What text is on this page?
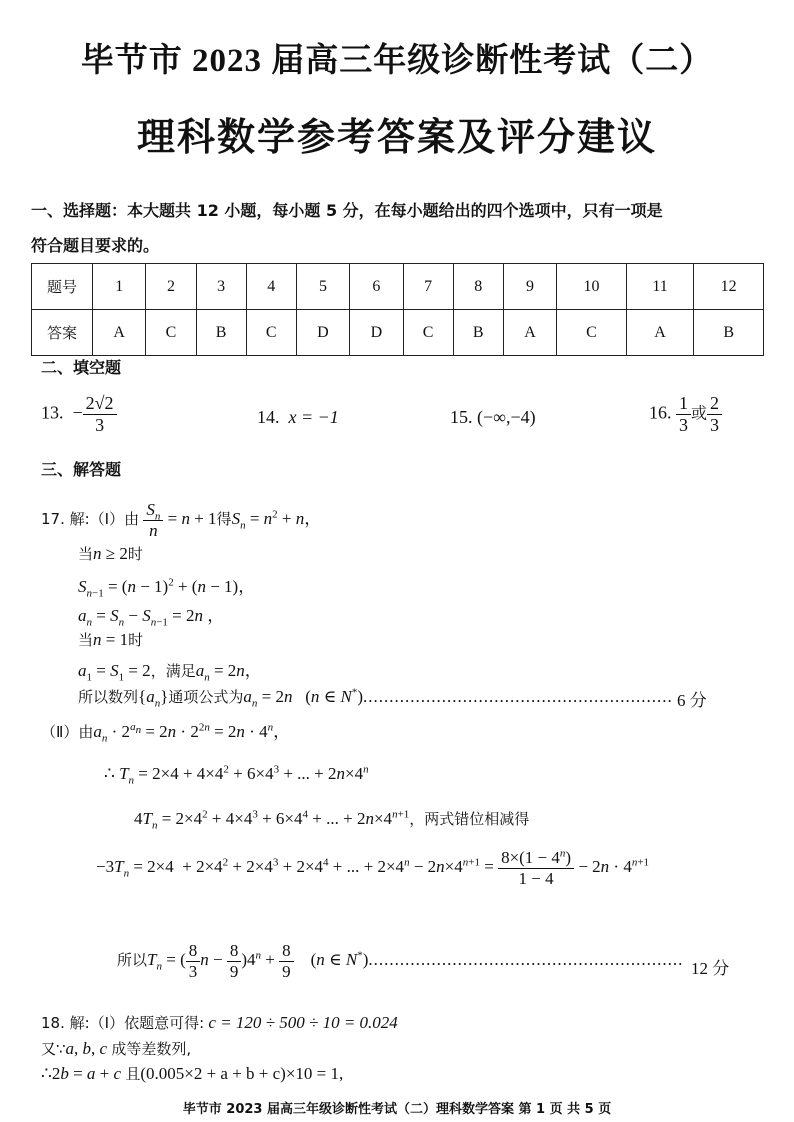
毕节市 2023 届高三年级诊断性考试（二）
理科数学参考答案及评分建议
一、选择题：本大题共 12 小题，每小题 5 分，在每小题给出的四个选项中，只有一项是
符合题目要求的。
题号	1	2	3	4	5	6	7	8	9	10	11	12
答案	A	C	B	C	D	D	C	B	A	C	A	B
二、填空题
13.  − $\frac{2√2}{3}$	14. x = −1	15. (−∞,−4)	16. $\frac{1}{3}$ 或 $\frac{2}{3}$
三、解答题
17. 解:（Ⅰ）由 $\frac{S_n}{n} = n + 1$得$S_n = n^2 + n$，
当n ≥ 2时
$S_{n-1} = (n - 1)^2 + (n - 1)$，
$a_n = S_n - S_{n-1} = 2n$ ，
当n = 1时
$a_1 = S_1 = 2$，满足$a_n = 2n$，
所以数列$\{a_n\}$通项公式为$a_n = 2n$   (n ∈ N*)........................................................... 6 分
（Ⅱ）由$a_n \cdot 2^{a_n} = 2n \cdot 2^{2n} = 2n \cdot 4^n$，
∴ $T_n = 2\times 4 + 4\times 4^2 + 6\times 4^3$ + ... + $2n\times 4^n$
$4T_n = 2\times 4^2 + 4\times 4^3 + 6\times 4^4$ + ... + $2n\times 4^{n+1}$，两式错位相减得
$-3T_n = 2\times 4 + 2\times 4^2 + 2\times 4^3 + 2\times 4^4$ + ... + $2\times 4^n - 2n\times 4^{n+1} = \frac{8\times(1 - 4^n)}{1 - 4} - 2n \cdot 4^{n+1}$
所以$T_n$ = ( $\frac{8}{3}$ $n - \frac{8}{9} )4^n + \frac{8}{9} (n$ ∈ N*)............................................................ 12 分
18. 解:（Ⅰ）依题意可得: c = 120 ÷ 500 ÷ 10 = 0.024
又∵a, b, c 成等差数列,
∴2b = a + c 且(0.005×2 + a + b + c)×10 = 1,
毕节市 2023 届高三年级诊断性考试（二）理科数学答案 第 1 页 共 5 页
